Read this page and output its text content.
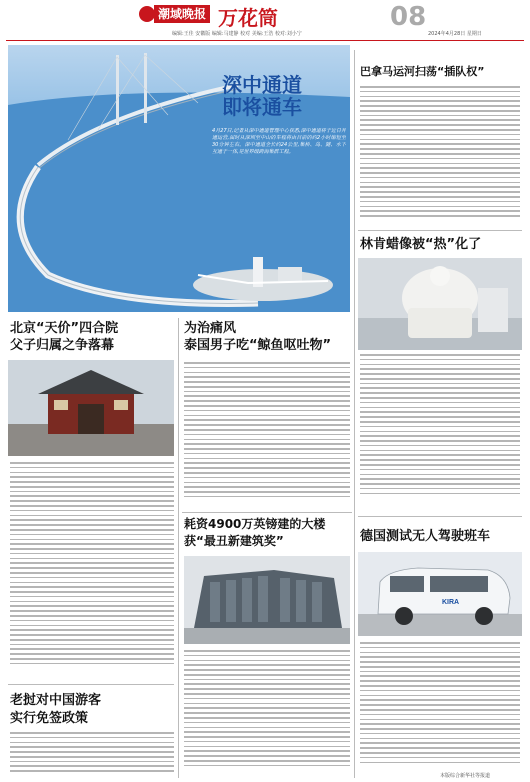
潮域晚报 万花筒	08
2024年4月28日 星期日
编辑:王佳 安徽版 编辑:马建静 校对 美编:王浩 校对:刘小宁
深中通道
即将通车
4月27日,记者从深中通道管理中心获悉,深中通道将于近日开通运营,届时从深圳至中山的车程将由目前的约2小时缩短至30分钟左右。深中通道全长约24公里,集桥、岛、隧、水下互通于一体,是世界级跨海集群工程。
巴拿马运河扫荡“插队权”
林肯蜡像被“热”化了
德国测试无人驾驶班车
KIRA
本版综合新华社等报道
北京“天价”四合院
父子归属之争落幕
老挝对中国游客
实行免签政策
为治痛风
泰国男子吃“鲸鱼呕吐物”
耗资4900万英镑建的大楼
获“最丑新建筑奖”
